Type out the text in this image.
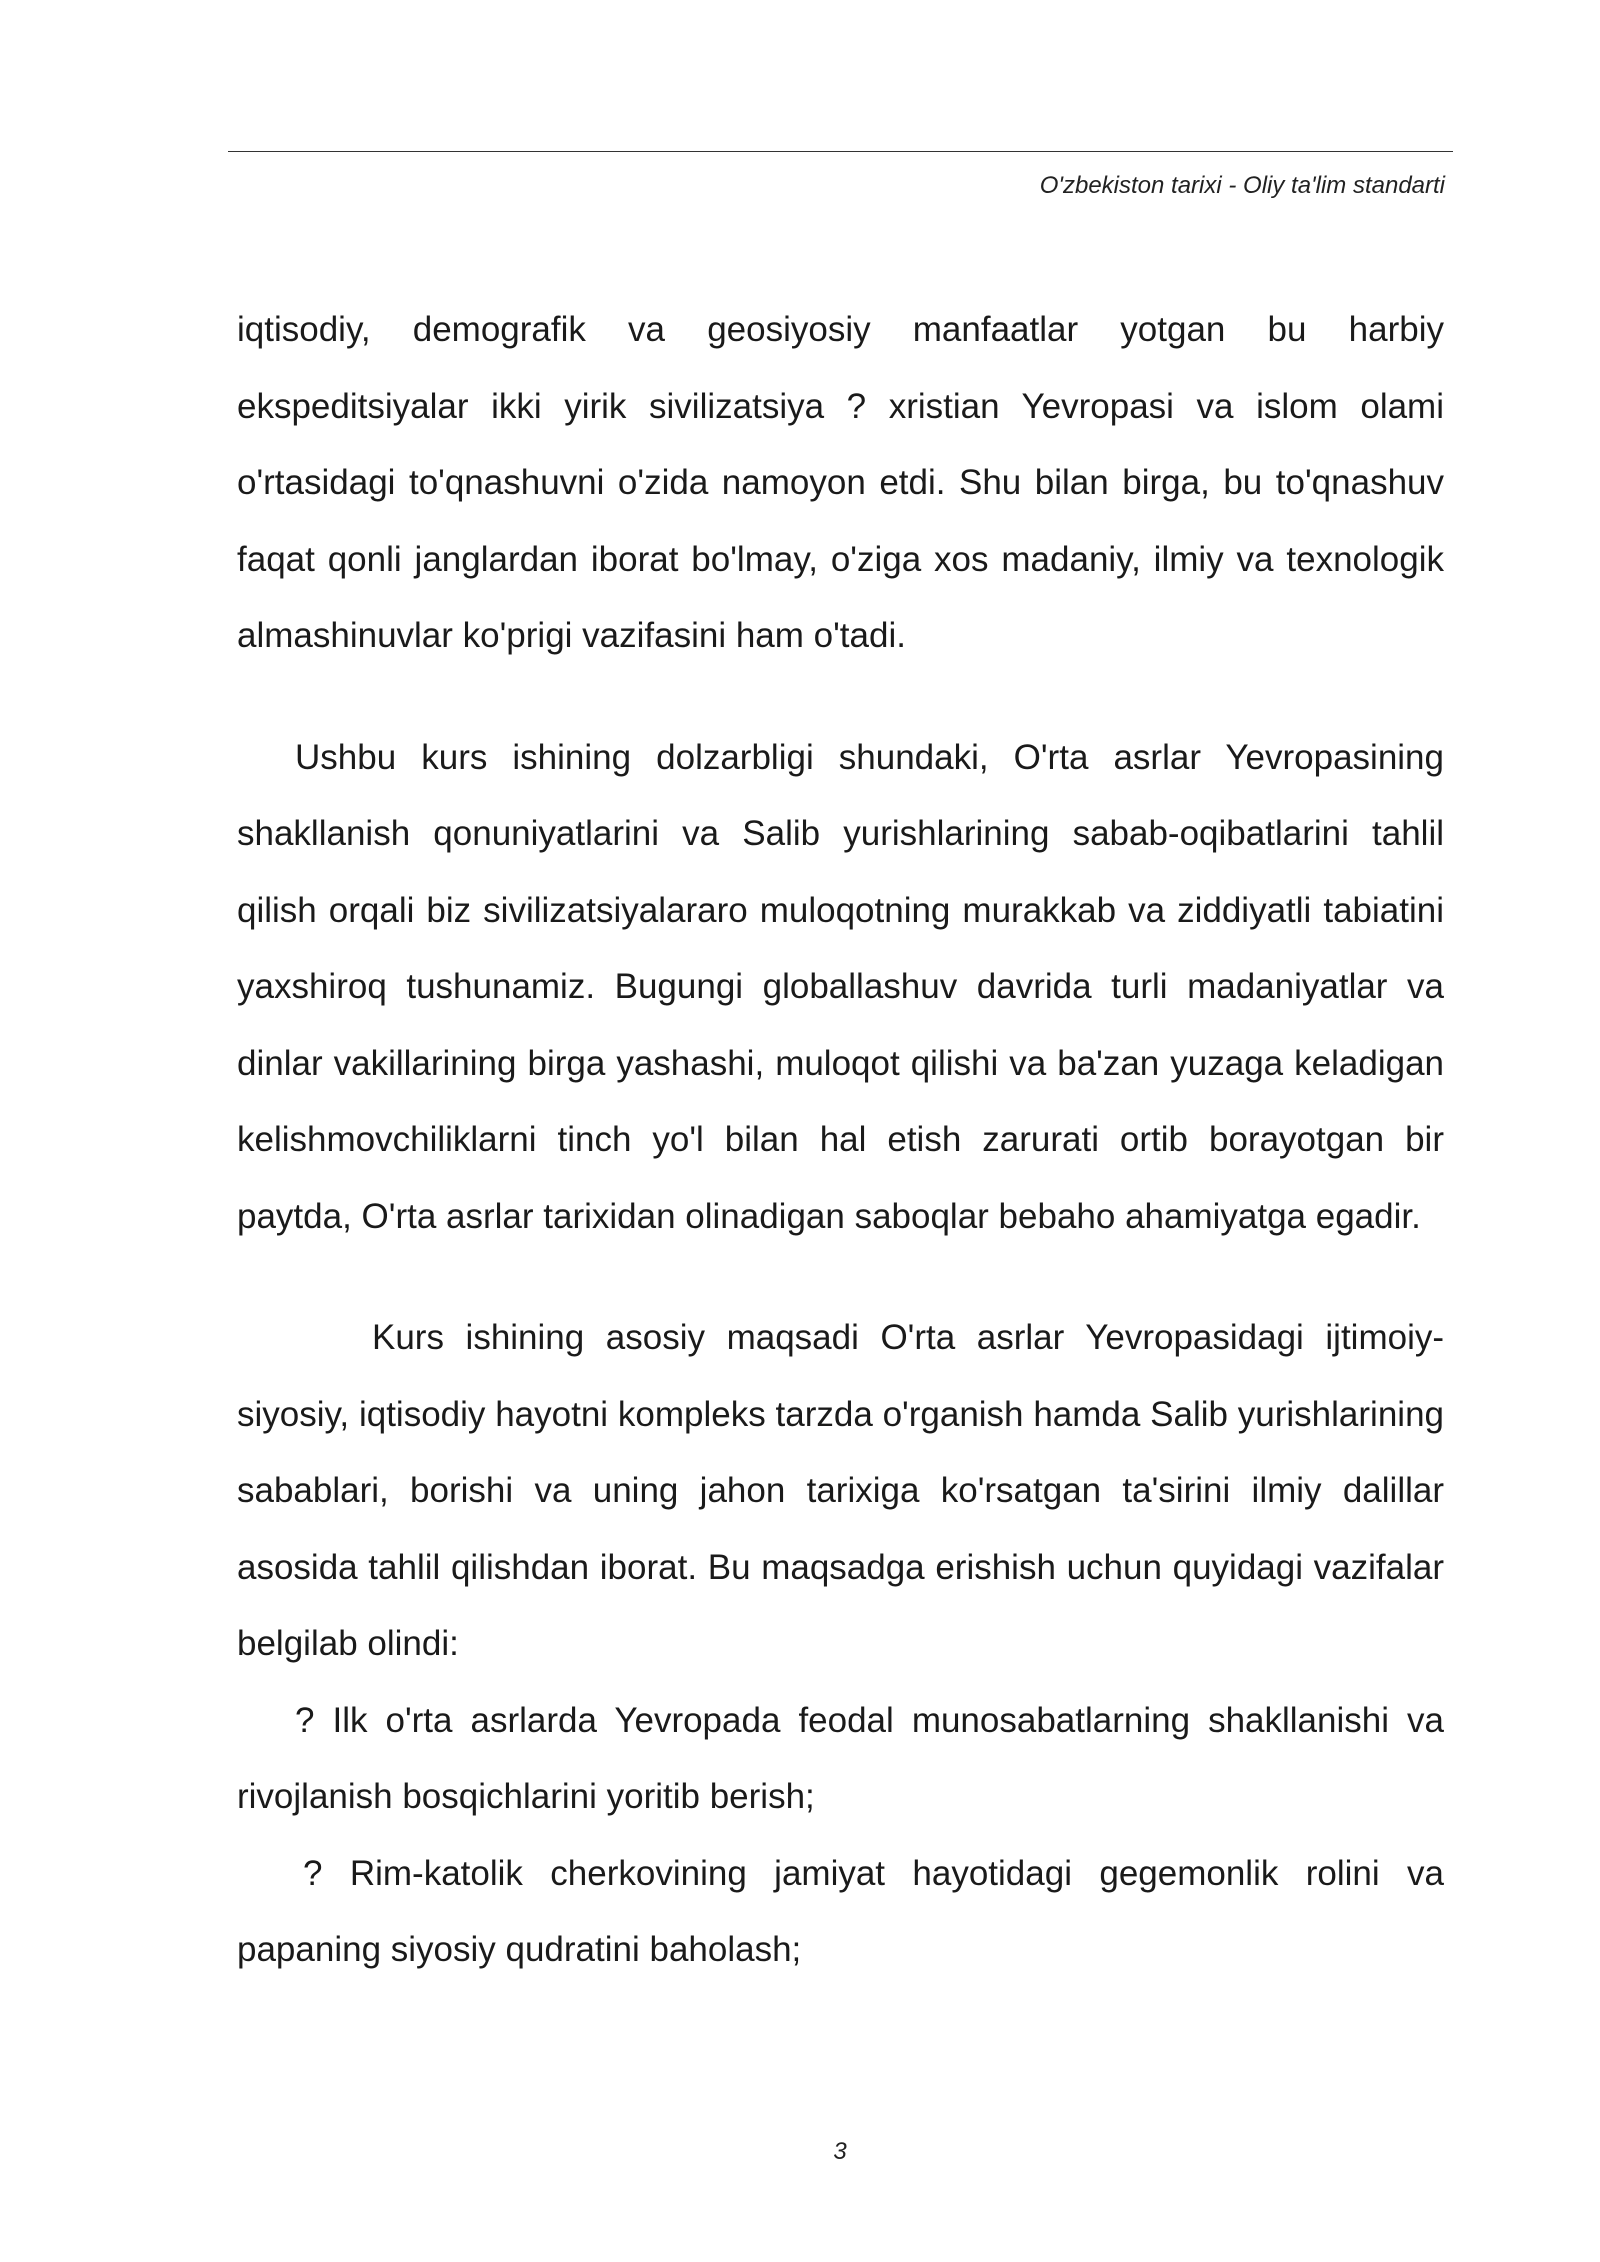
O'zbekiston tarixi - Oliy ta'lim standarti

iqtisodiy, demografik va geosiyosiy manfaatlar yotgan bu harbiy ekspeditsiyalar ikki yirik sivilizatsiya ? xristian Yevropasi va islom olami o'rtasidagi to'qnashuvni o'zida namoyon etdi. Shu bilan birga, bu to'qnashuv faqat qonli janglardan iborat bo'lmay, o'ziga xos madaniy, ilmiy va texnologik almashinuvlar ko'prigi vazifasini ham o'tadi.

Ushbu kurs ishining dolzarbligi shundaki, O'rta asrlar Yevropasining shakllanish qonuniyatlarini va Salib yurishlarining sabab-oqibatlarini tahlil qilish orqali biz sivilizatsiyalararo muloqotning murakkab va ziddiyatli tabiatini yaxshiroq tushunamiz. Bugungi globallashuv davrida turli madaniyatlar va dinlar vakillarining birga yashashi, muloqot qilishi va ba'zan yuzaga keladigan kelishmovchiliklarni tinch yo'l bilan hal etish zarurati ortib borayotgan bir paytda, O'rta asrlar tarixidan olinadigan saboqlar bebaho ahamiyatga egadir.

Kurs ishining asosiy maqsadi O'rta asrlar Yevropasidagi ijtimoiy-siyosiy, iqtisodiy hayotni kompleks tarzda o'rganish hamda Salib yurishlarining sabablari, borishi va uning jahon tarixiga ko'rsatgan ta'sirini ilmiy dalillar asosida tahlil qilishdan iborat. Bu maqsadga erishish uchun quyidagi vazifalar belgilab olindi:

? Ilk o'rta asrlarda Yevropada feodal munosabatlarning shakllanishi va rivojlanish bosqichlarini yoritib berish;

? Rim-katolik cherkovining jamiyat hayotidagi gegemonlik rolini va papaning siyosiy qudratini baholash;

3
